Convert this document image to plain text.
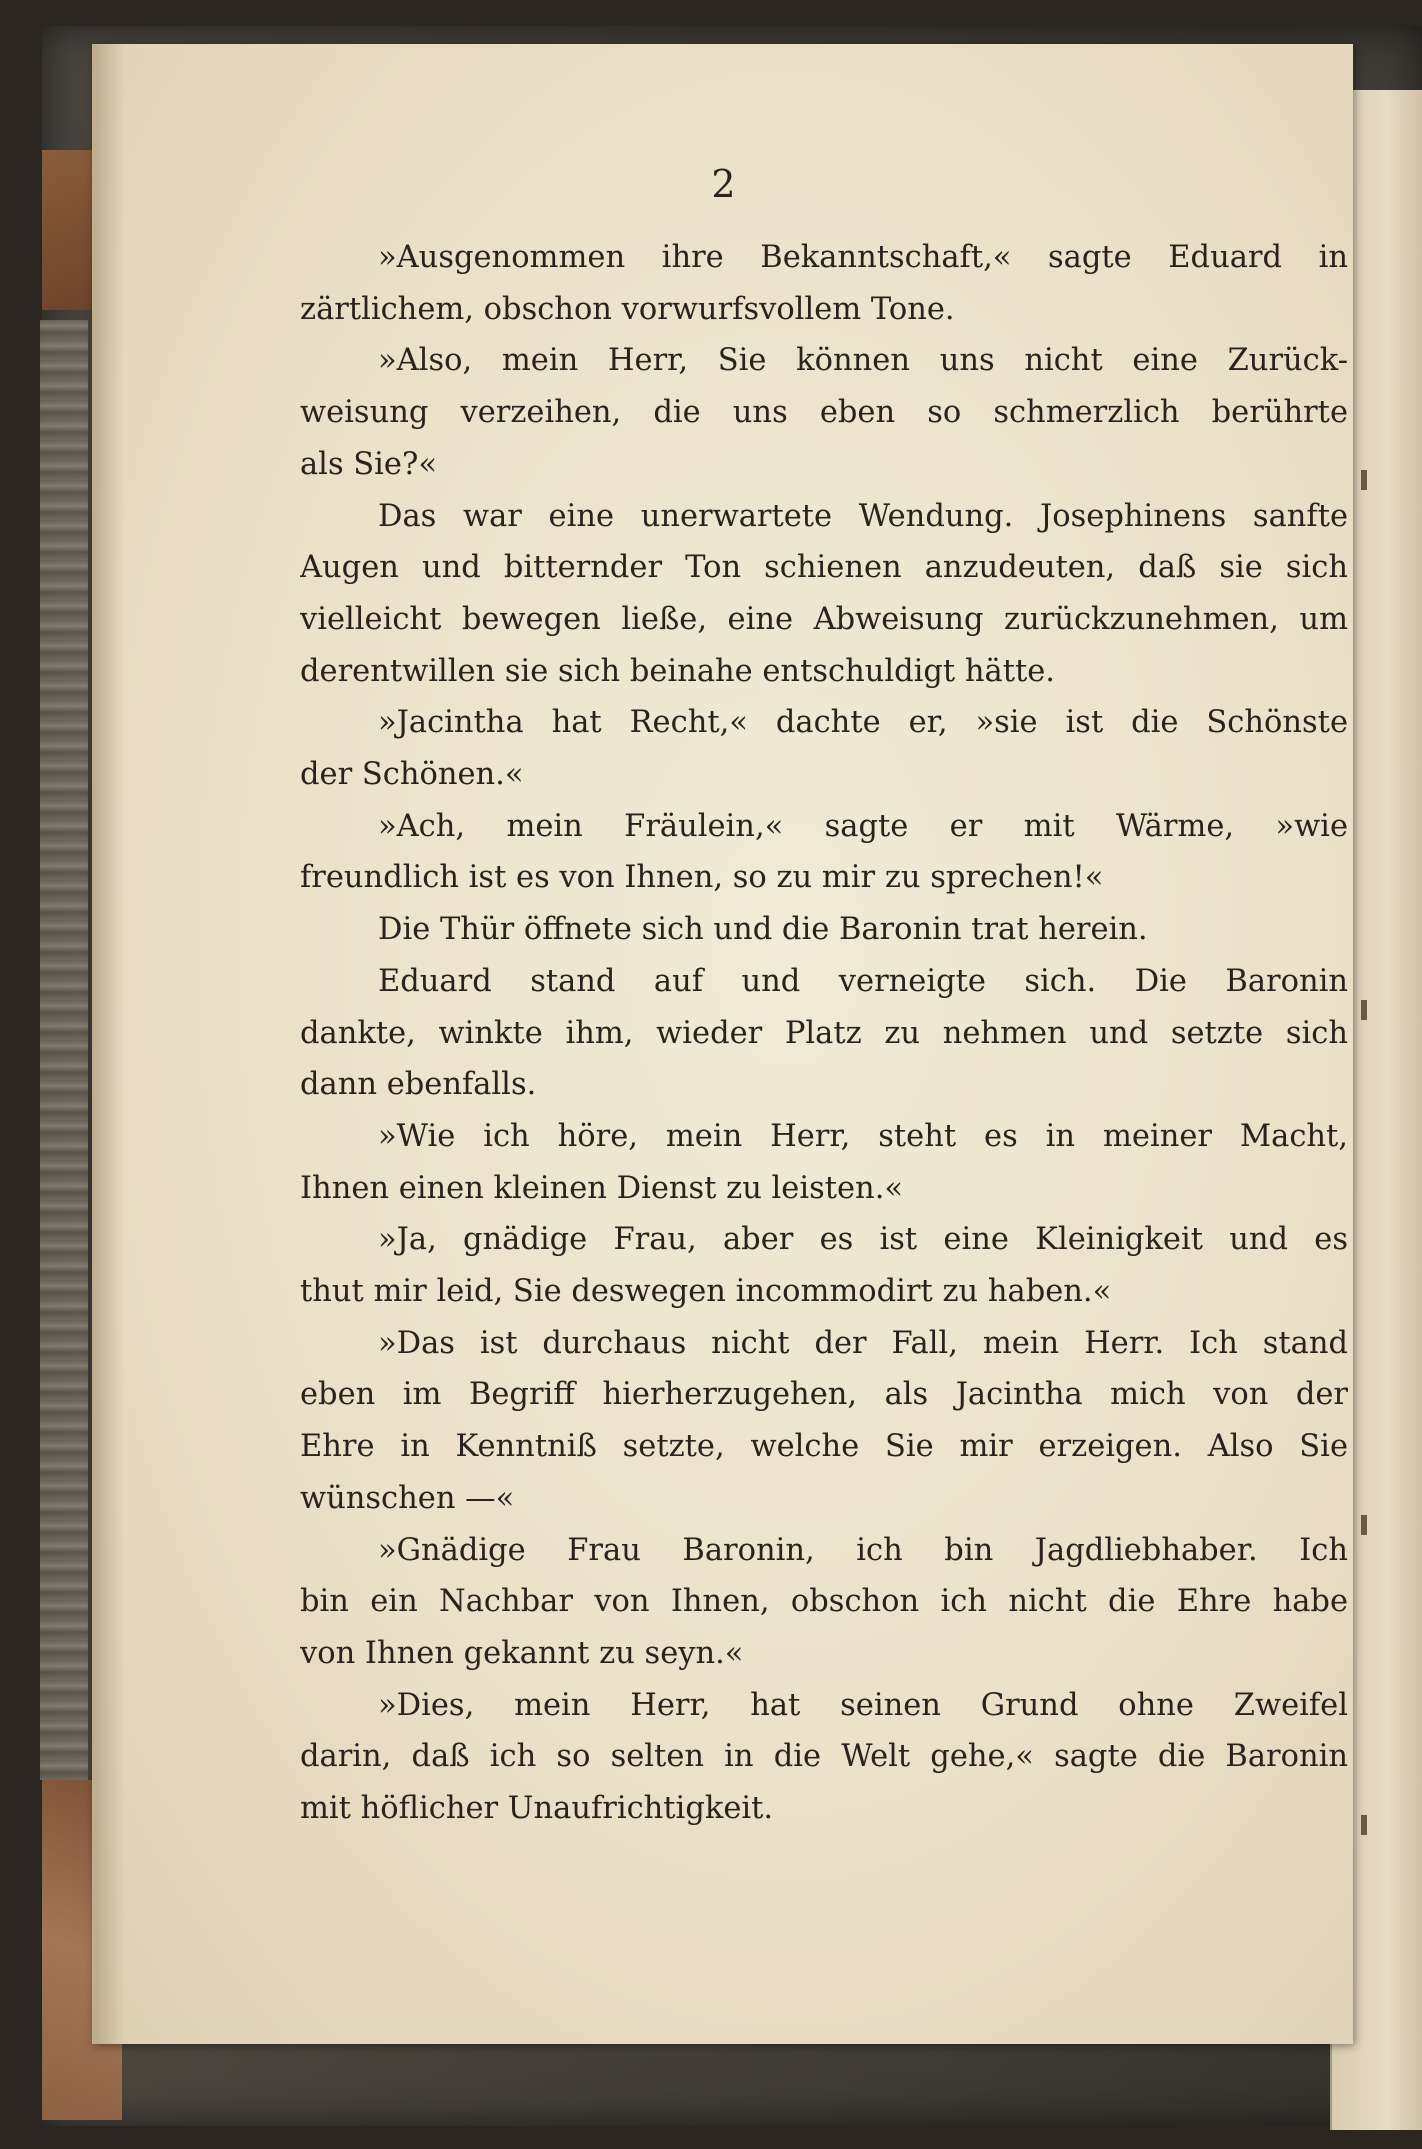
2
»Ausgenommen ihre Bekanntschaft,« sagte Eduard in
zärtlichem, obschon vorwurfsvollem Tone.
»Also, mein Herr, Sie können uns nicht eine Zurück-
weisung verzeihen, die uns eben so schmerzlich berührte
als Sie?«
Das war eine unerwartete Wendung. Josephinens sanfte
Augen und bitternder Ton schienen anzudeuten, daß sie sich
vielleicht bewegen ließe, eine Abweisung zurückzunehmen, um
derentwillen sie sich beinahe entschuldigt hätte.
»Jacintha hat Recht,« dachte er, »sie ist die Schönste
der Schönen.«
»Ach, mein Fräulein,« sagte er mit Wärme, »wie
freundlich ist es von Ihnen, so zu mir zu sprechen!«
Die Thür öffnete sich und die Baronin trat herein.
Eduard stand auf und verneigte sich. Die Baronin
dankte, winkte ihm, wieder Platz zu nehmen und setzte sich
dann ebenfalls.
»Wie ich höre, mein Herr, steht es in meiner Macht,
Ihnen einen kleinen Dienst zu leisten.«
»Ja, gnädige Frau, aber es ist eine Kleinigkeit und es
thut mir leid, Sie deswegen incommodirt zu haben.«
»Das ist durchaus nicht der Fall, mein Herr. Ich stand
eben im Begriff hierherzugehen, als Jacintha mich von der
Ehre in Kenntniß setzte, welche Sie mir erzeigen. Also Sie
wünschen —«
»Gnädige Frau Baronin, ich bin Jagdliebhaber. Ich
bin ein Nachbar von Ihnen, obschon ich nicht die Ehre habe
von Ihnen gekannt zu seyn.«
»Dies, mein Herr, hat seinen Grund ohne Zweifel
darin, daß ich so selten in die Welt gehe,« sagte die Baronin
mit höflicher Unaufrichtigkeit.
